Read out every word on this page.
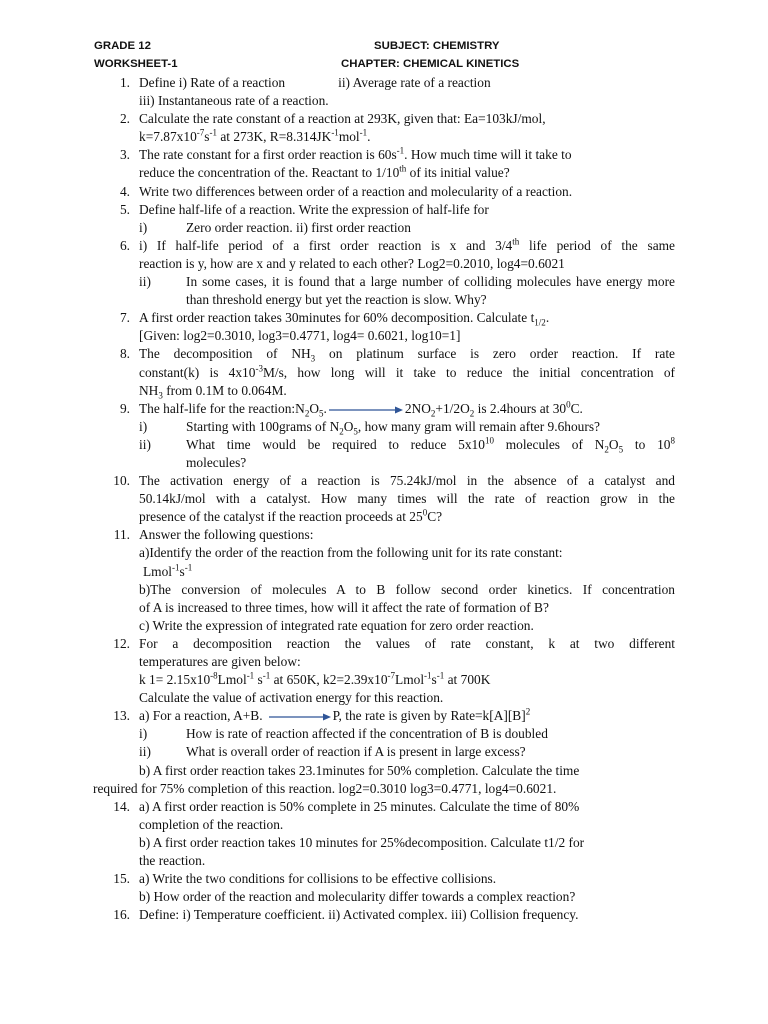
GRADE 12	SUBJECT: CHEMISTRY
WORKSHEET-1	CHAPTER: CHEMICAL KINETICS
1. Define i) Rate of a reaction	ii) Average rate of a reaction
iii) Instantaneous rate of a reaction.
2. Calculate the rate constant of a reaction at 293K, given that: Ea=103kJ/mol,
$k=7.87x10^{-7}s^{-1}$ at 273K, $R=8.314JK^{-1}mol^{-1}$.
3. The rate constant for a first order reaction is $60s^{-1}$. How much time will it take to
reduce the concentration of the. Reactant to 1/10th of its initial value?
4. Write two differences between order of a reaction and molecularity of a reaction.
5. Define half-life of a reaction. Write the expression of half-life for
i)	Zero order reaction. ii) first order reaction
6. i) If half-life period of a first order reaction is x and 3/4th life period of the same
reaction is y, how are x and y related to each other? Log2=0.2010, log4=0.6021
ii)	In some cases, it is found that a large number of colliding molecules have energy more than threshold energy but yet the reaction is slow. Why?
7. A first order reaction takes 30minutes for 60% decomposition. Calculate $t_{1/2}$.
[Given: log2=0.3010, log3=0.4771, log4= 0.6021, log10=1]
8. The decomposition of $NH_3$ on platinum surface is zero order reaction. If rate
constant(k) is $4x10^{-3}M/s$, how long will it take to reduce the initial concentration of
$NH_3$ from 0.1M to 0.064M.
9. The half-life for the $reaction:N_2O_5$.	$2NO_2+1/2O_2$ is 2.4hours at $30^0C$.
i)	Starting with 100grams of $N_2O_5$, how many gram will remain after 9.6hours?
ii)	What time would be required to reduce $5x10^{10}$ molecules of $N_2O_5$ to $10^8$
molecules?
10. The activation energy of a reaction is 75.24kJ/mol in the absence of a catalyst and
50.14kJ/mol with a catalyst. How many times will the rate of reaction grow in the
presence of the catalyst if the reaction proceeds at $25^0C$?
11. Answer the following questions:
a)Identify the order of the reaction from the following unit for its rate constant:
$Lmol^{-1}s^{-1}$
b)The conversion of molecules A to B follow second order kinetics. If concentration
of A is increased to three times, how will it affect the rate of formation of B?
c) Write the expression of integrated rate equation for zero order reaction.
12. For a decomposition reaction the values of rate constant, k at two different
temperatures are given below:
k $1= 2.15x10^{-8}Lmol^{-1}$ $s^{-1}$ at 650K, $k2=2.39x10^{-7}Lmol^{-1}s^{-1}$ at 700K
Calculate the value of activation energy for this reaction.
13. a) For a reaction, A+B.	P, the rate is given by $Rate=k[A][B]^2$
i)	How is rate of reaction affected if the concentration of B is doubled
ii)	What is overall order of reaction if A is present in large excess?
b) A first order reaction takes 23.1minutes for 50% completion. Calculate the time
required for 75% completion of this reaction. log2=0.3010 log3=0.4771, log4=0.6021.
14. a) A first order reaction is 50% complete in 25 minutes. Calculate the time of 80%
completion of the reaction.
b) A first order reaction takes 10 minutes for 25%decomposition. Calculate t1/2 for
the reaction.
15. a) Write the two conditions for collisions to be effective collisions.
b) How order of the reaction and molecularity differ towards a complex reaction?
16. Define: i) Temperature coefficient. ii) Activated complex. iii) Collision frequency.
